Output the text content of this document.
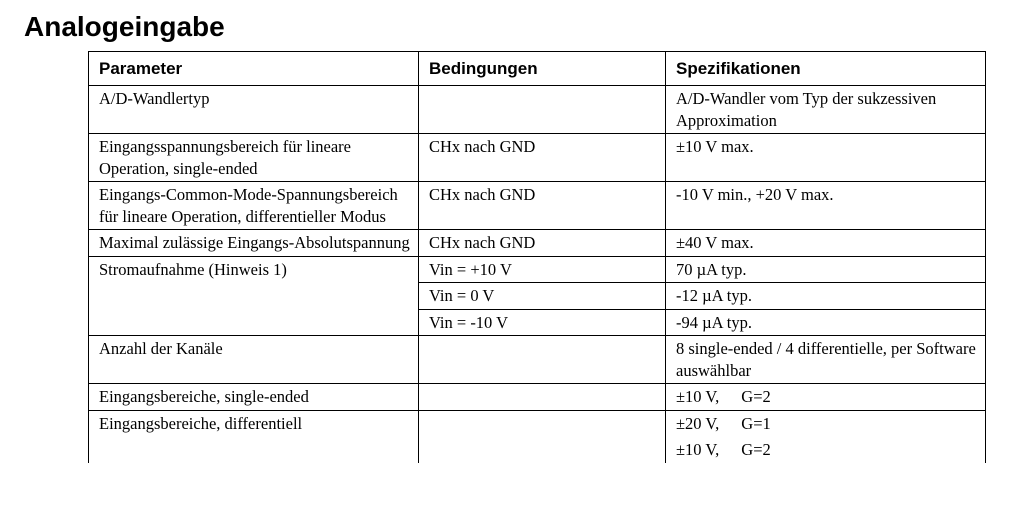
Analogeingabe
Parameter	Bedingungen	Spezifikationen
A/D-Wandlertyp		A/D-Wandler vom Typ der sukzessiven Approximation
Eingangsspannungsbereich für lineare Operation, single-ended	CHx nach GND	±10 V max.
Eingangs-Common-Mode-Spannungsbereich für lineare Operation, differentieller Modus	CHx nach GND	-10 V min., +20 V max.
Maximal zulässige Eingangs-Absolutspannung	CHx nach GND	±40 V max.
Stromaufnahme (Hinweis 1)	Vin = +10 V	70 µA typ.
	Vin = 0 V	-12 µA typ.
	Vin = -10 V	-94 µA typ.
Anzahl der Kanäle		8 single-ended / 4 differentielle, per Software auswählbar
Eingangsbereiche, single-ended		±10 V, G=2
Eingangsbereiche, differentiell		±20 V, G=1
±10 V, G=2
